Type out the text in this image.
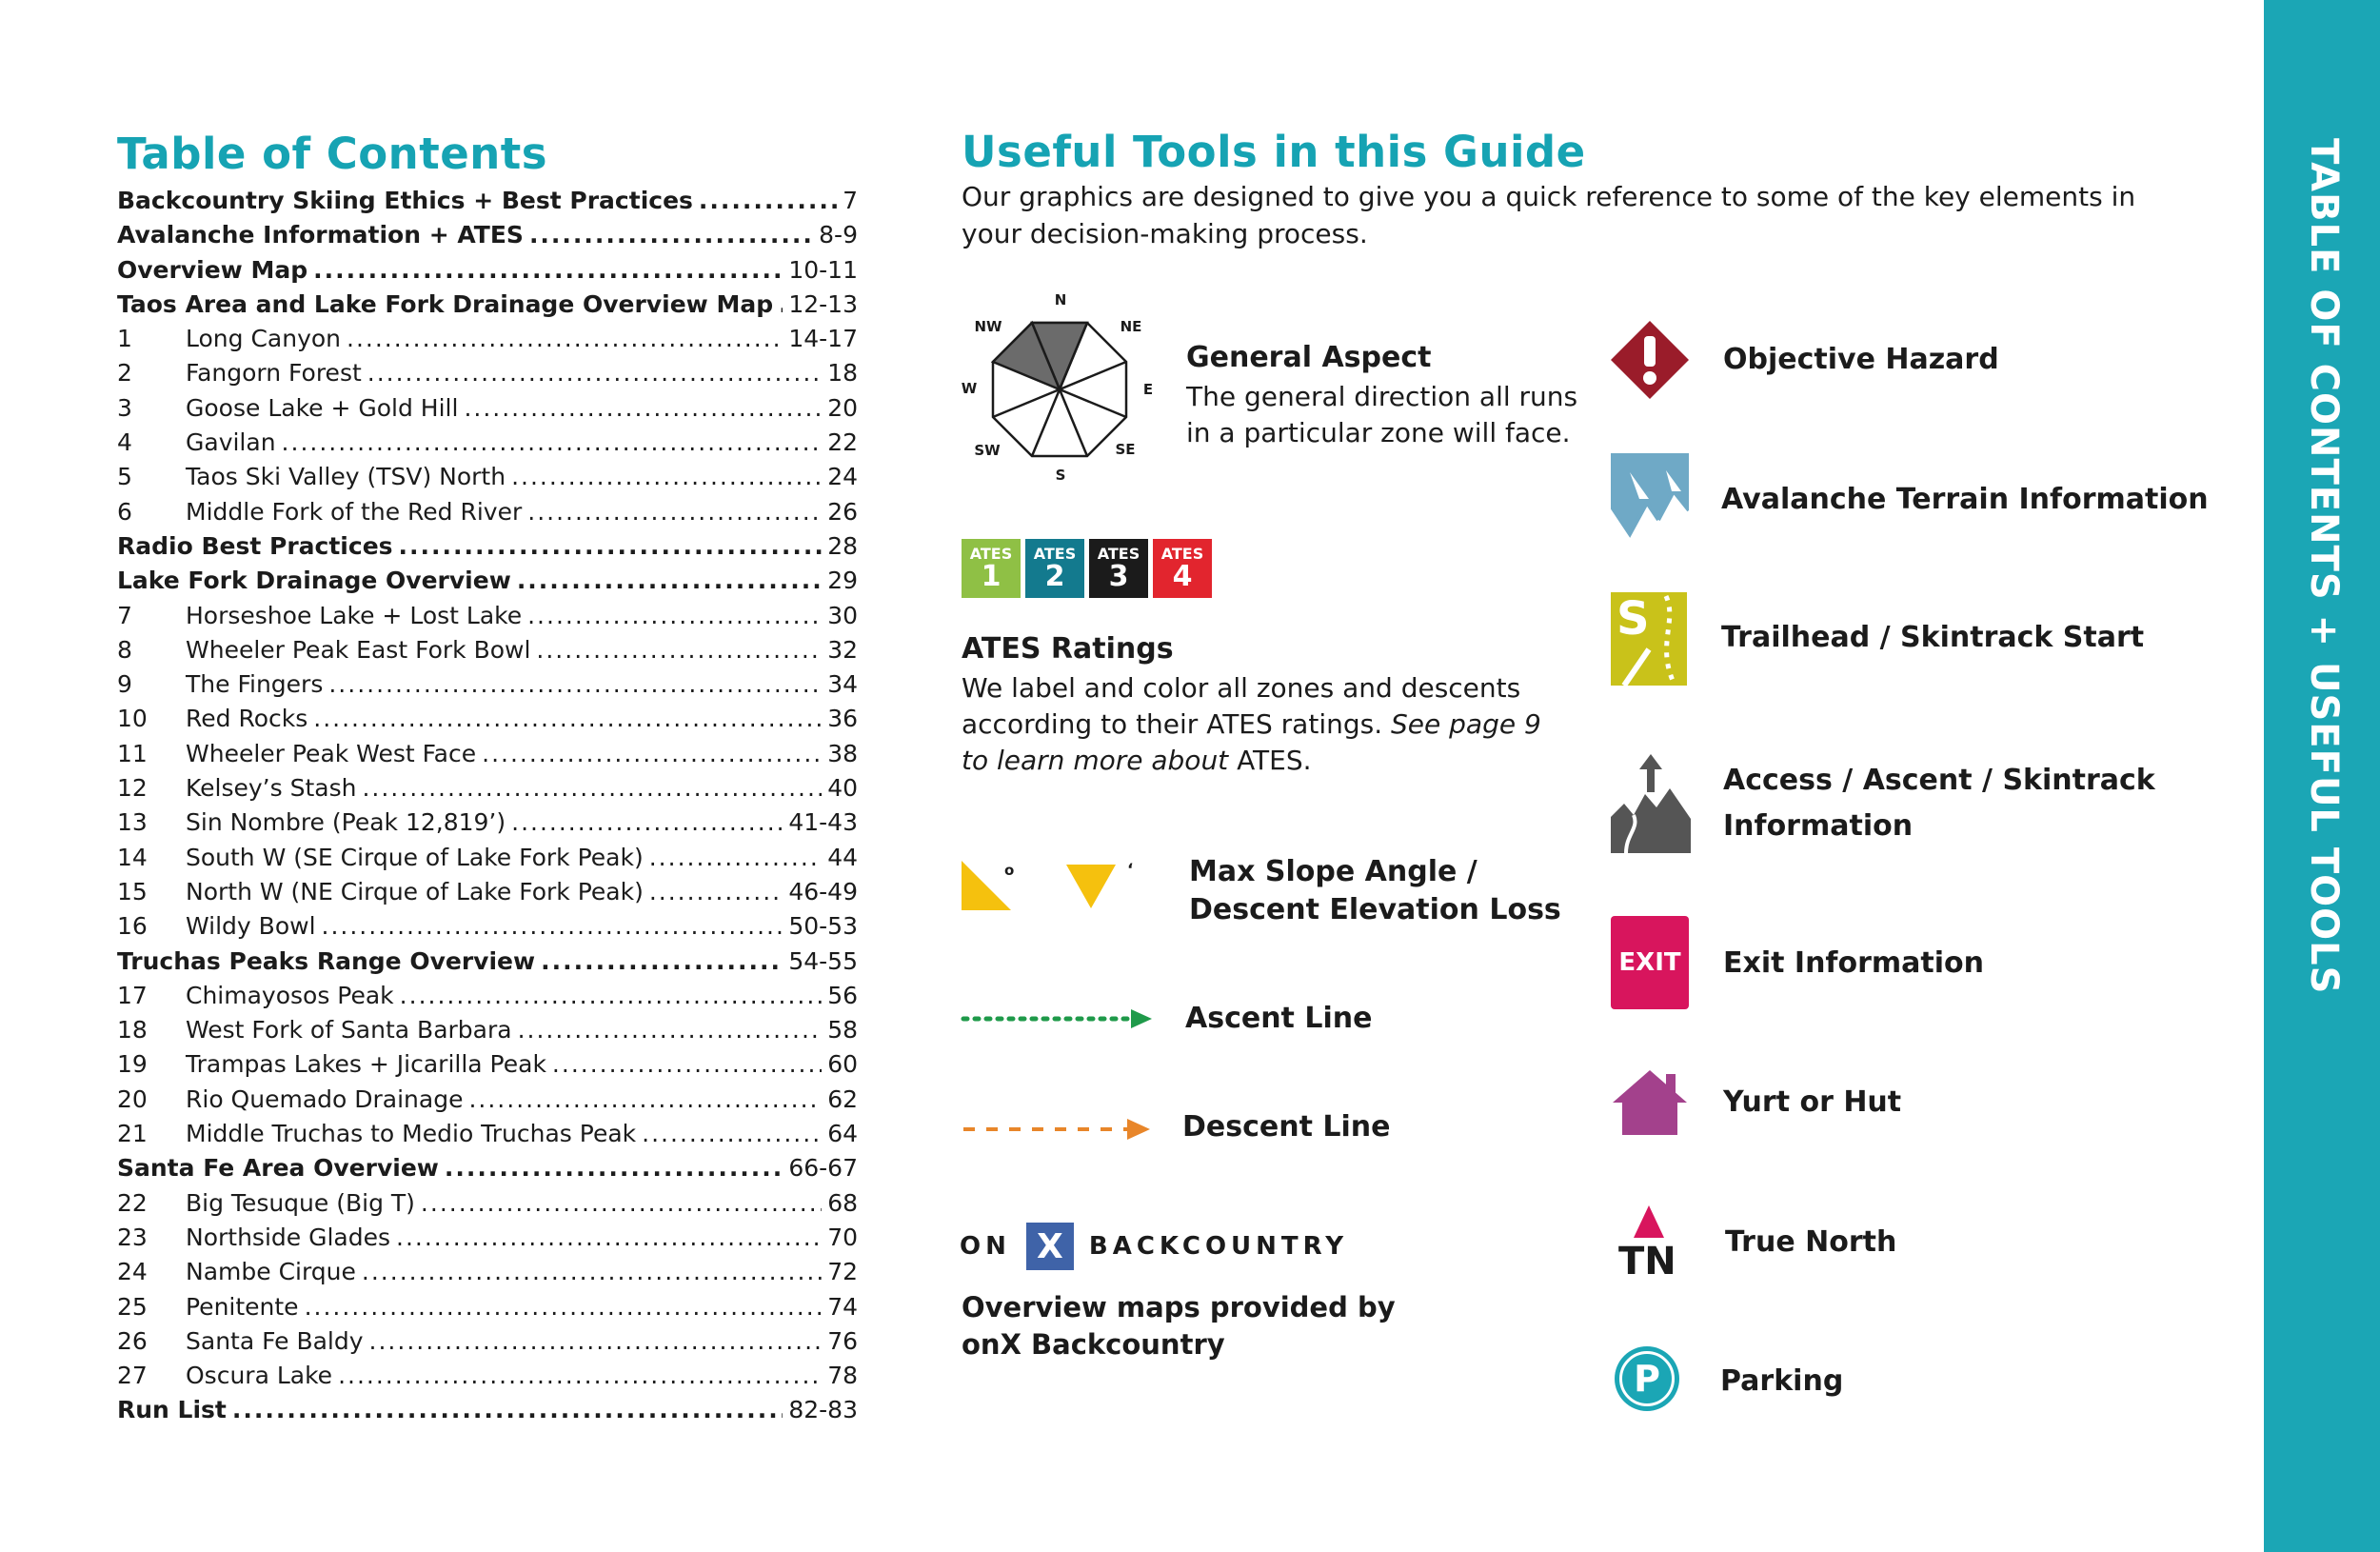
Table of Contents
Backcountry Skiing Ethics + Best Practices .....	7
Avalanche Information + ATES .....	8-9
Overview Map .....	10-11
Taos Area and Lake Fork Drainage Overview Map ..... 12-13
1	Long Canyon .....	14-17
2	Fangorn Forest .....	18
3	Goose Lake + Gold Hill .....	20
4	Gavilan .....	22
5	Taos Ski Valley (TSV) North .....	24
6	Middle Fork of the Red River .....	26
Radio Best Practices .....	28
Lake Fork Drainage Overview .....	29
7	Horseshoe Lake + Lost Lake .....	30
8	Wheeler Peak East Fork Bowl .....	32
9	The Fingers .....	34
10	Red Rocks .....	36
11	Wheeler Peak West Face .....	38
12	Kelsey’s Stash .....	40
13	Sin Nombre (Peak 12,819’) .....	41-43
14	South W (SE Cirque of Lake Fork Peak) .....	44
15	North W (NE Cirque of Lake Fork Peak) .....	46-49
16	Wildy Bowl .....	50-53
Truchas Peaks Range Overview .....	54-55
17	Chimayosos Peak .....	56
18	West Fork of Santa Barbara .....	58
19	Trampas Lakes + Jicarilla Peak .....	60
20	Rio Quemado Drainage .....	62
21	Middle Truchas to Medio Truchas Peak .....	64
Santa Fe Area Overview .....	66-67
22	Big Tesuque (Big T) .....	68
23	Northside Glades .....	70
24	Nambe Cirque .....	72
25	Penitente .....	74
26	Santa Fe Baldy .....	76
27	Oscura Lake .....	78
Run List .....	82-83
Useful Tools in this Guide
Our graphics are designed to give you a quick reference to some of the key elements in your decision-making process.
N
NE
E
SE
S
SW
W
NW
General Aspect
The general direction all runs in a particular zone will face.
ATES
1
ATES
2
ATES
3
ATES
4
ATES Ratings
We label and color all zones and descents according to their ATES ratings. See page 9 to learn more about ATES.
o	‘ Max Slope Angle /
Descent Elevation Loss
Ascent Line
Descent Line
ON X	BACKCOUNTRY
Overview maps provided by
onX Backcountry
Objective Hazard
Avalanche Terrain Information
S	Trailhead / Skintrack Start
Access / Ascent / Skintrack
Information
EXIT Exit Information
Yurt or Hut
TN True North
P	Parking
TABLE OF CONTENTS + USEFUL TOOLS
